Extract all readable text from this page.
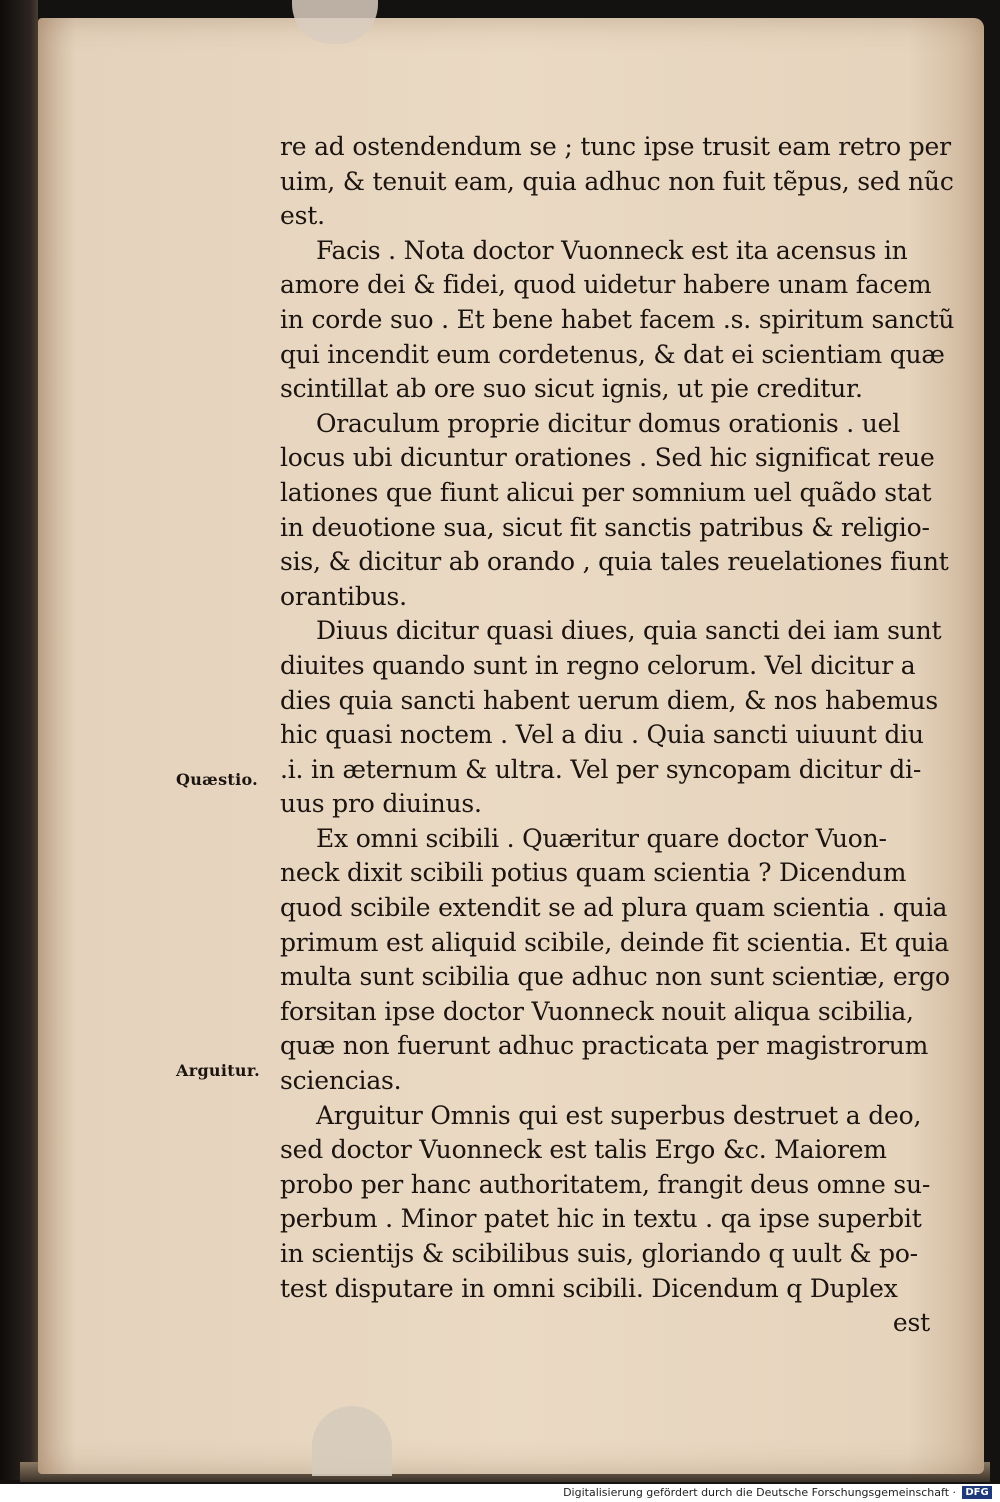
re ad ostendendum se ; tunc ipse trusit eam retro per
uim, & tenuit eam, quia adhuc non fuit tẽpus, sed nũc
est.
Facis . Nota doctor Vuonneck est ita acensus in
amore dei & fidei, quod uidetur habere unam facem
in corde suo . Et bene habet facem .s. spiritum sanctũ
qui incendit eum cordetenus, & dat ei scientiam quæ
scintillat ab ore suo sicut ignis, ut pie creditur.
Oraculum proprie dicitur domus orationis . uel
locus ubi dicuntur orationes . Sed hic significat reue
lationes que fiunt alicui per somnium uel quãdo stat
in deuotione sua, sicut fit sanctis patribus & religio-
sis, & dicitur ab orando , quia tales reuelationes fiunt
orantibus.
Diuus dicitur quasi diues, quia sancti dei iam sunt
diuites quando sunt in regno celorum. Vel dicitur a
dies quia sancti habent uerum diem, & nos habemus
hic quasi noctem . Vel a diu . Quia sancti uiuunt diu
.i. in æternum & ultra. Vel per syncopam dicitur di-
uus pro diuinus.
Ex omni scibili . Quæritur quare doctor Vuon-
neck dixit scibili potius quam scientia ? Dicendum
quod scibile extendit se ad plura quam scientia . quia
primum est aliquid scibile, deinde fit scientia. Et quia
multa sunt scibilia que adhuc non sunt scientiæ, ergo
forsitan ipse doctor Vuonneck nouit aliqua scibilia,
quæ non fuerunt adhuc practicata per magistrorum
sciencias.
Arguitur Omnis qui est superbus destruet a deo,
sed doctor Vuonneck est talis Ergo &c. Maiorem
probo per hanc authoritatem, frangit deus omne su-
perbum . Minor patet hic in textu . qa ipse superbit
in scientijs & scibilibus suis, gloriando q uult & po-
test disputare in omni scibili. Dicendum q Duplex
est
Quæstio.
Arguitur.
Digitalisierung gefördert durch die Deutsche Forschungsgemeinschaft · DFG
